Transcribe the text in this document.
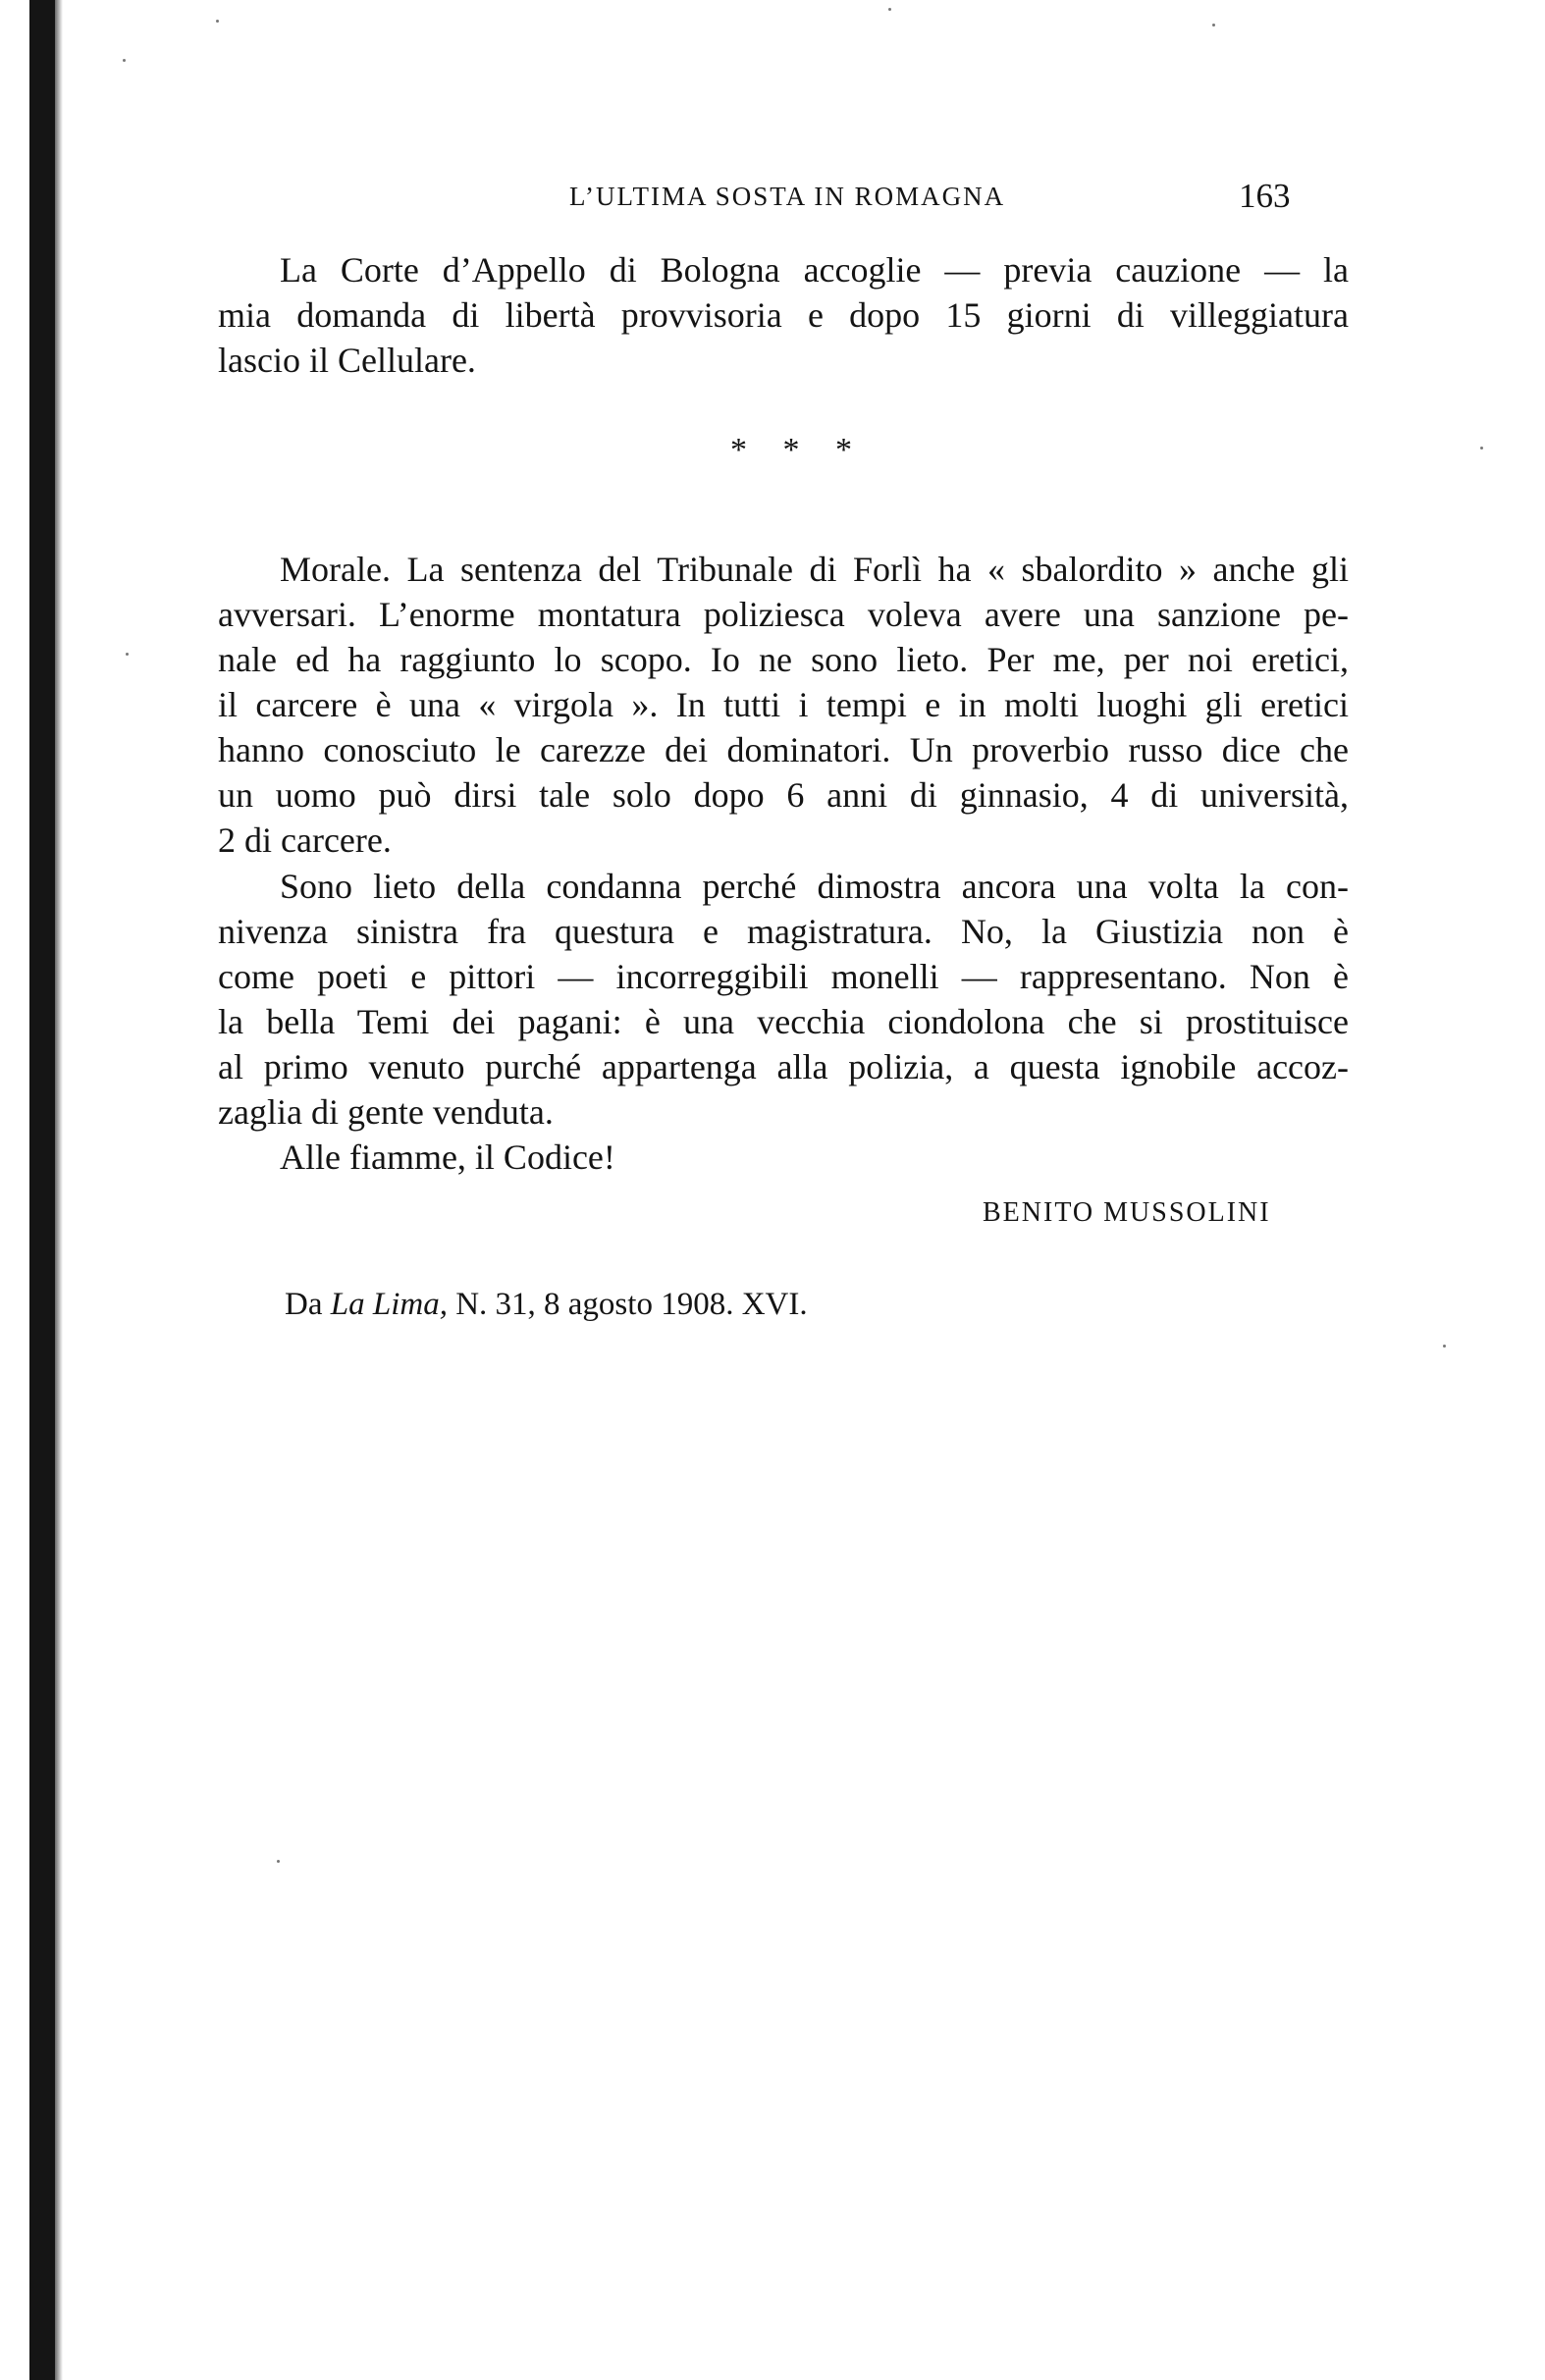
L’ULTIMA SOSTA IN ROMAGNA	163
La Corte d’Appello di Bologna accoglie — previa cauzione — la
mia domanda di libertà provvisoria e dopo 15 giorni di villeggiatura
lascio il Cellulare.
* * *
Morale. La sentenza del Tribunale di Forlì ha « sbalordito » anche gli
avversari. L’enorme montatura poliziesca voleva avere una sanzione pe-
nale ed ha raggiunto lo scopo. Io ne sono lieto. Per me, per noi eretici,
il carcere è una « virgola ». In tutti i tempi e in molti luoghi gli eretici
hanno conosciuto le carezze dei dominatori. Un proverbio russo dice che
un uomo può dirsi tale solo dopo 6 anni di ginnasio, 4 di università,
2 di carcere.
Sono lieto della condanna perché dimostra ancora una volta la con-
nivenza sinistra fra questura e magistratura. No, la Giustizia non è
come poeti e pittori — incorreggibili monelli — rappresentano. Non è
la bella Temi dei pagani: è una vecchia ciondolona che si prostituisce
al primo venuto purché appartenga alla polizia, a questa ignobile accoz-
zaglia di gente venduta.
Alle fiamme, il Codice!
BENITO MUSSOLINI
Da La Lima, N. 31, 8 agosto 1908. XVI.
